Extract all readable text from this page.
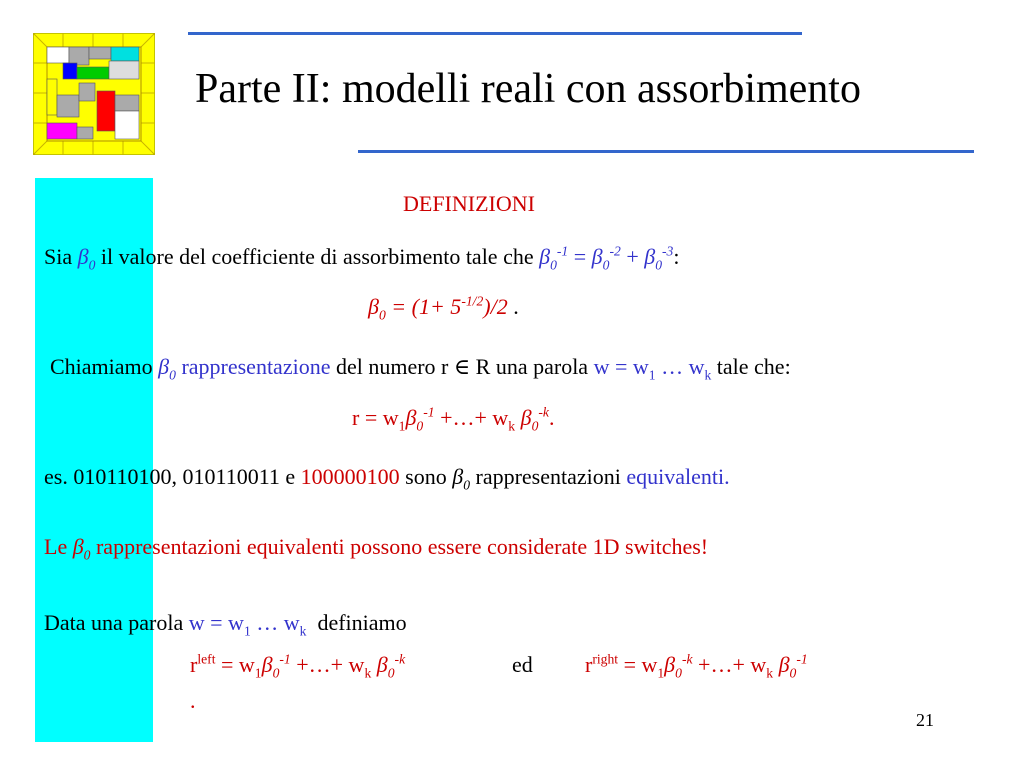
Parte II: modelli reali con assorbimento
DEFINIZIONI
Sia $\beta_0$ il valore del coefficiente di assorbimento tale che $\beta_0^{-1} = \beta_0^{-2} + \beta_0^{-3}$:
$\beta_0 = (1+ 5^{-1/2})/2$ .
Chiamiamo $\beta_0$ rappresentazione del numero r ∈ R una parola $w = w_1$ … $w_k$ tale che:
$r = w_1\beta_0^{-1}$ +…+ $w_k$ $\beta_0^{-k}$.
es. 010110100, 010110011 e 100000100 sono $\beta_0$ rappresentazioni equivalenti.
Le $\beta_0$ rappresentazioni equivalenti possono essere considerate 1D switches!
Data una parola $w = w_1$ … $w_k$  definiamo
$r^{left} = w_1\beta_0^{-1}$ +…+ $w_k$ $\beta_0^{-k}$	ed $r^{right} = w_1\beta_0^{-k}$ +…+ $w_k$ $\beta_0^{-1}$
.
21
